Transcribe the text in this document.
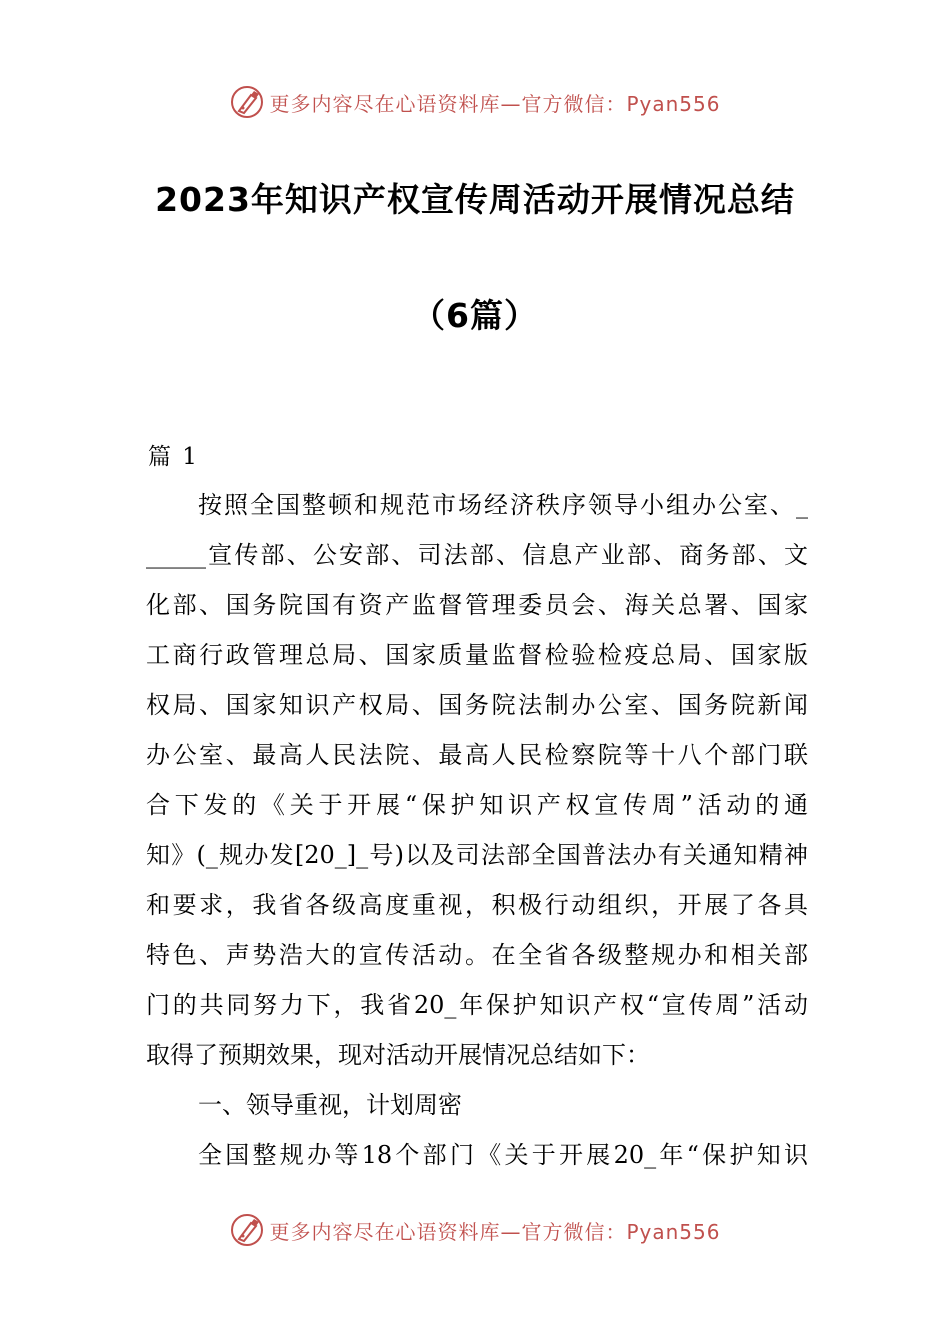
更多内容尽在心语资料库—官方微信：Pyan556
2023年知识产权宣传周活动开展情况总结
（6篇）
篇 1
按照全国整顿和规范市场经济秩序领导小组办公室、_
_____宣传部、公安部、司法部、信息产业部、商务部、文
化部、国务院国有资产监督管理委员会、海关总署、国家
工商行政管理总局、国家质量监督检验检疫总局、国家版
权局、国家知识产权局、国务院法制办公室、国务院新闻
办公室、最高人民法院、最高人民检察院等十八个部门联
合下发的《关于开展“保护知识产权宣传周”活动的通
知》(_规办发[20_]_号)以及司法部全国普法办有关通知精神
和要求，我省各级高度重视，积极行动组织，开展了各具
特色、声势浩大的宣传活动。在全省各级整规办和相关部
门的共同努力下，我省20_年保护知识产权“宣传周”活动
取得了预期效果，现对活动开展情况总结如下：
一、领导重视，计划周密
全国整规办等18个部门《关于开展20_年“保护知识
更多内容尽在心语资料库—官方微信：Pyan556
